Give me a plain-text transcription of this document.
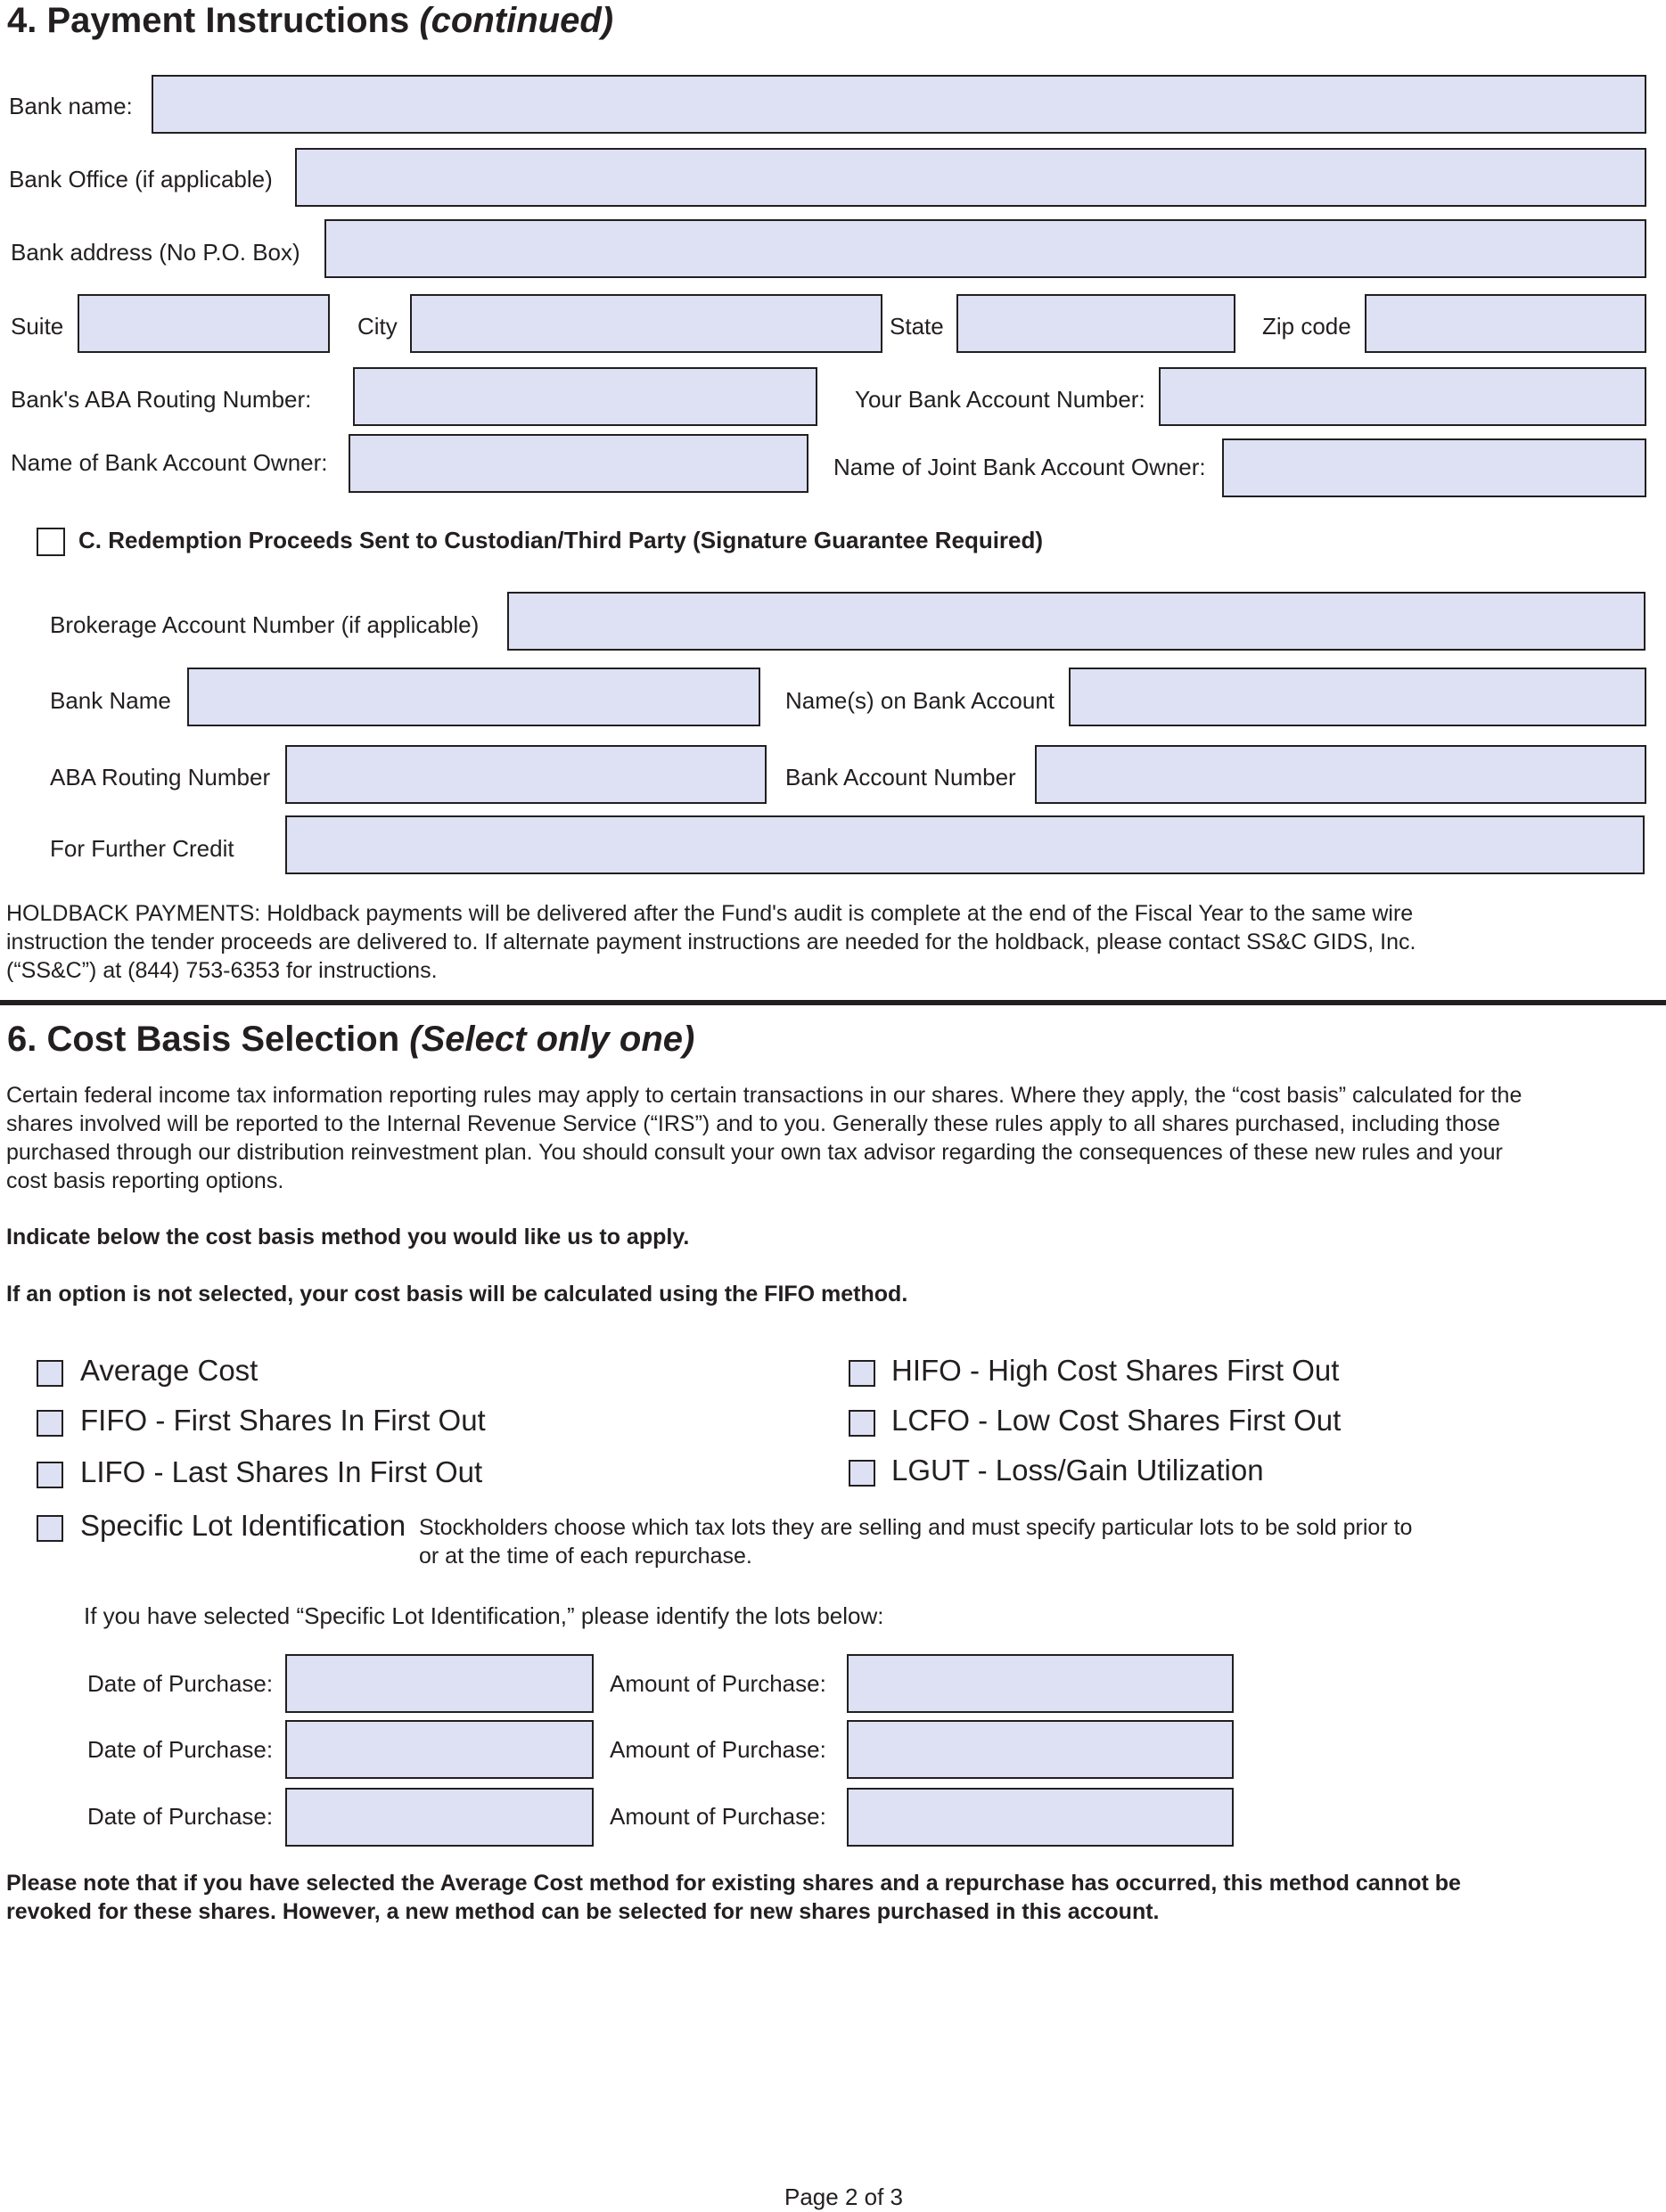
4. Payment Instructions (continued)
Bank name:
Bank Office (if applicable)
Bank address (No P.O. Box)
Suite	City	State	Zip code
Bank's ABA Routing Number:	Your Bank Account Number:
Name of Bank Account Owner:	Name of Joint Bank Account Owner:
C. Redemption Proceeds Sent to Custodian/Third Party (Signature Guarantee Required)
Brokerage Account Number (if applicable)
Bank Name	Name(s) on Bank Account
ABA Routing Number	Bank Account Number
For Further Credit
HOLDBACK PAYMENTS: Holdback payments will be delivered after the Fund's audit is complete at the end of the Fiscal Year to the same wire
instruction the tender proceeds are delivered to. If alternate payment instructions are needed for the holdback, please contact SS&C GIDS, Inc.
(“SS&C”) at (844) 753-6353 for instructions.
6. Cost Basis Selection (Select only one)
Certain federal income tax information reporting rules may apply to certain transactions in our shares. Where they apply, the “cost basis” calculated for the
shares involved will be reported to the Internal Revenue Service (“IRS”) and to you. Generally these rules apply to all shares purchased, including those
purchased through our distribution reinvestment plan. You should consult your own tax advisor regarding the consequences of these new rules and your
cost basis reporting options.
Indicate below the cost basis method you would like us to apply.
If an option is not selected, your cost basis will be calculated using the FIFO method.
Average Cost
FIFO - First Shares In First Out
LIFO - Last Shares In First Out
HIFO - High Cost Shares First Out
LCFO - Low Cost Shares First Out
LGUT - Loss/Gain Utilization
Specific Lot Identification Stockholders choose which tax lots they are selling and must specify particular lots to be sold prior to
or at the time of each repurchase.
If you have selected “Specific Lot Identification,” please identify the lots below:
Date of Purchase:	Amount of Purchase:
Date of Purchase:	Amount of Purchase:
Date of Purchase:	Amount of Purchase:
Please note that if you have selected the Average Cost method for existing shares and a repurchase has occurred, this method cannot be
revoked for these shares. However, a new method can be selected for new shares purchased in this account.
Page 2 of 3
